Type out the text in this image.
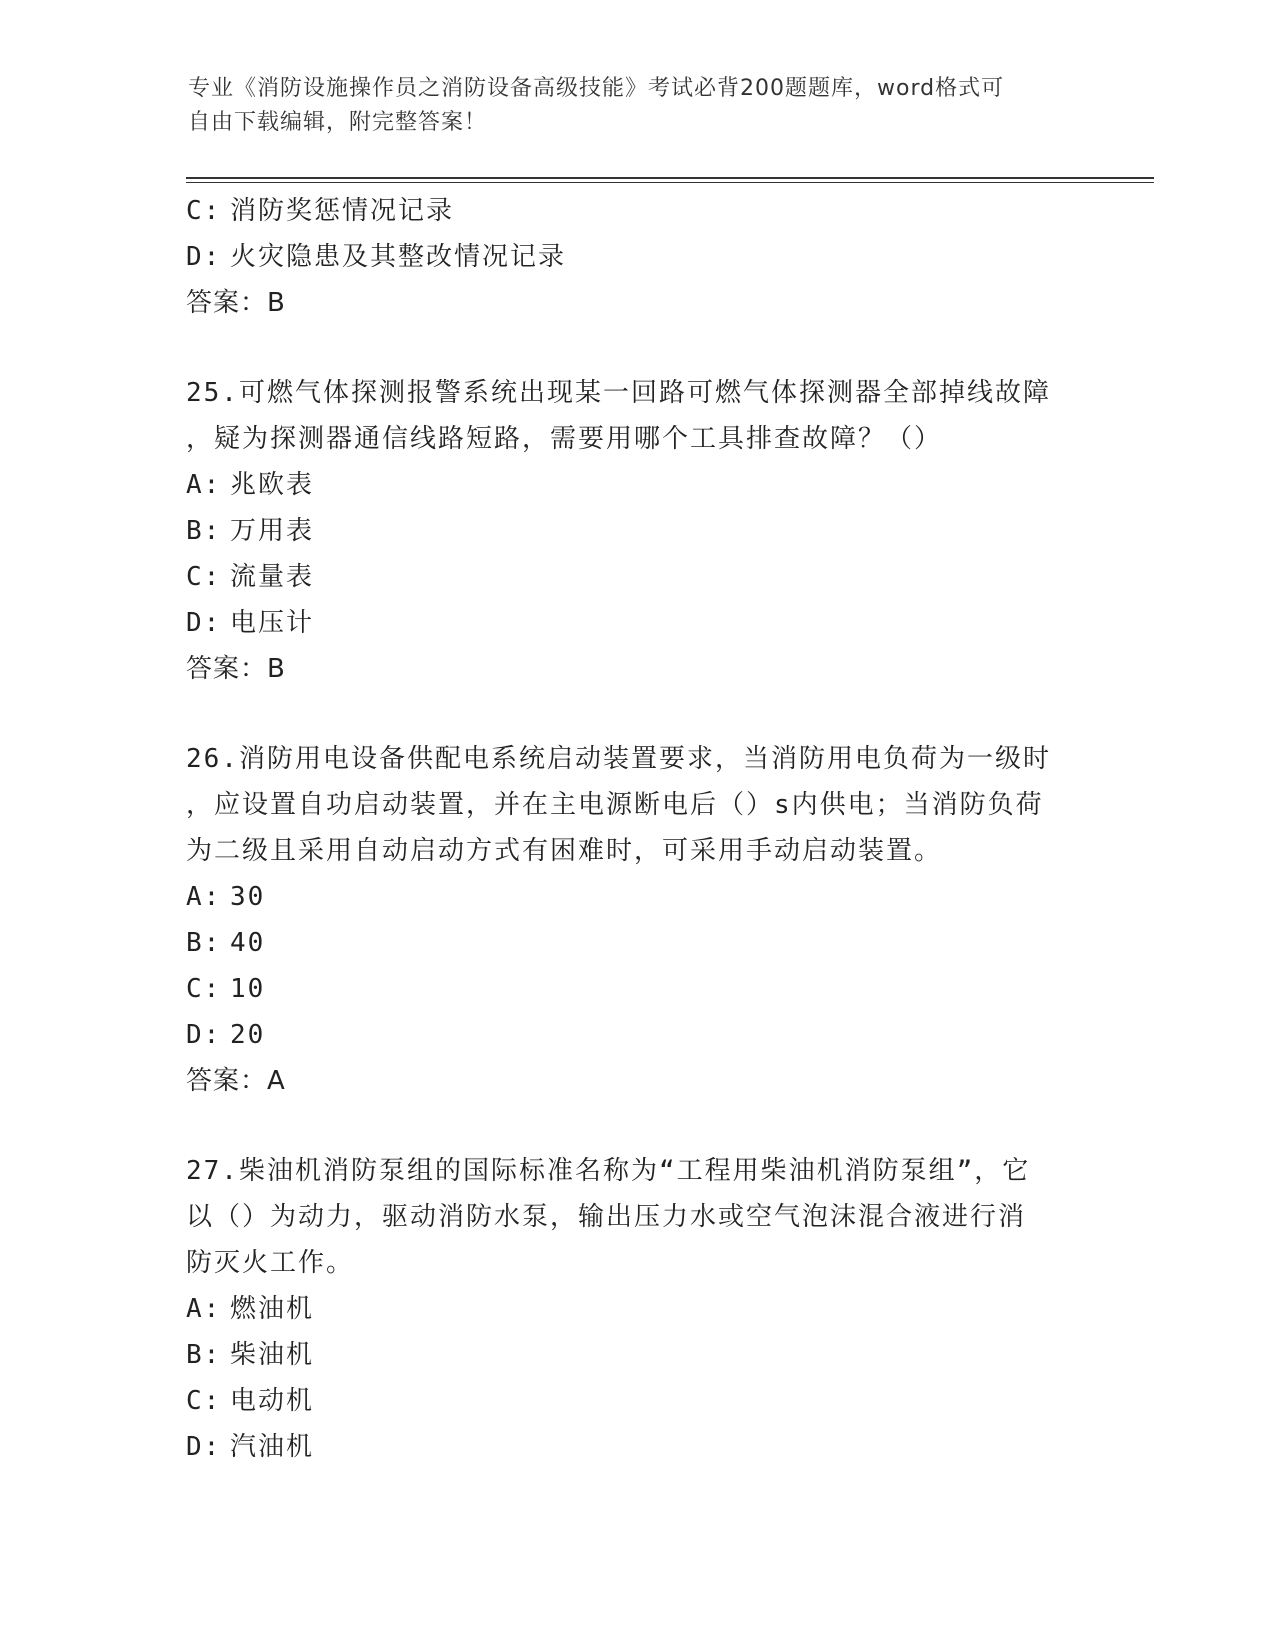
专业《消防设施操作员之消防设备高级技能》考试必背200题题库，word格式可
自由下载编辑，附完整答案！
C: 消防奖惩情况记录
D: 火灾隐患及其整改情况记录
答案：B
25.可燃气体探测报警系统出现某一回路可燃气体探测器全部掉线故障
，疑为探测器通信线路短路，需要用哪个工具排查故障？（）
A: 兆欧表
B: 万用表
C: 流量表
D: 电压计
答案：B
26.消防用电设备供配电系统启动装置要求，当消防用电负荷为一级时
，应设置自功启动装置，并在主电源断电后（）s内供电；当消防负荷
为二级且采用自动启动方式有困难时，可采用手动启动装置。
A: 30
B: 40
C: 10
D: 20
答案：A
27.柴油机消防泵组的国际标准名称为“工程用柴油机消防泵组”，它
以（）为动力，驱动消防水泵，输出压力水或空气泡沫混合液进行消
防灭火工作。
A: 燃油机
B: 柴油机
C: 电动机
D: 汽油机
